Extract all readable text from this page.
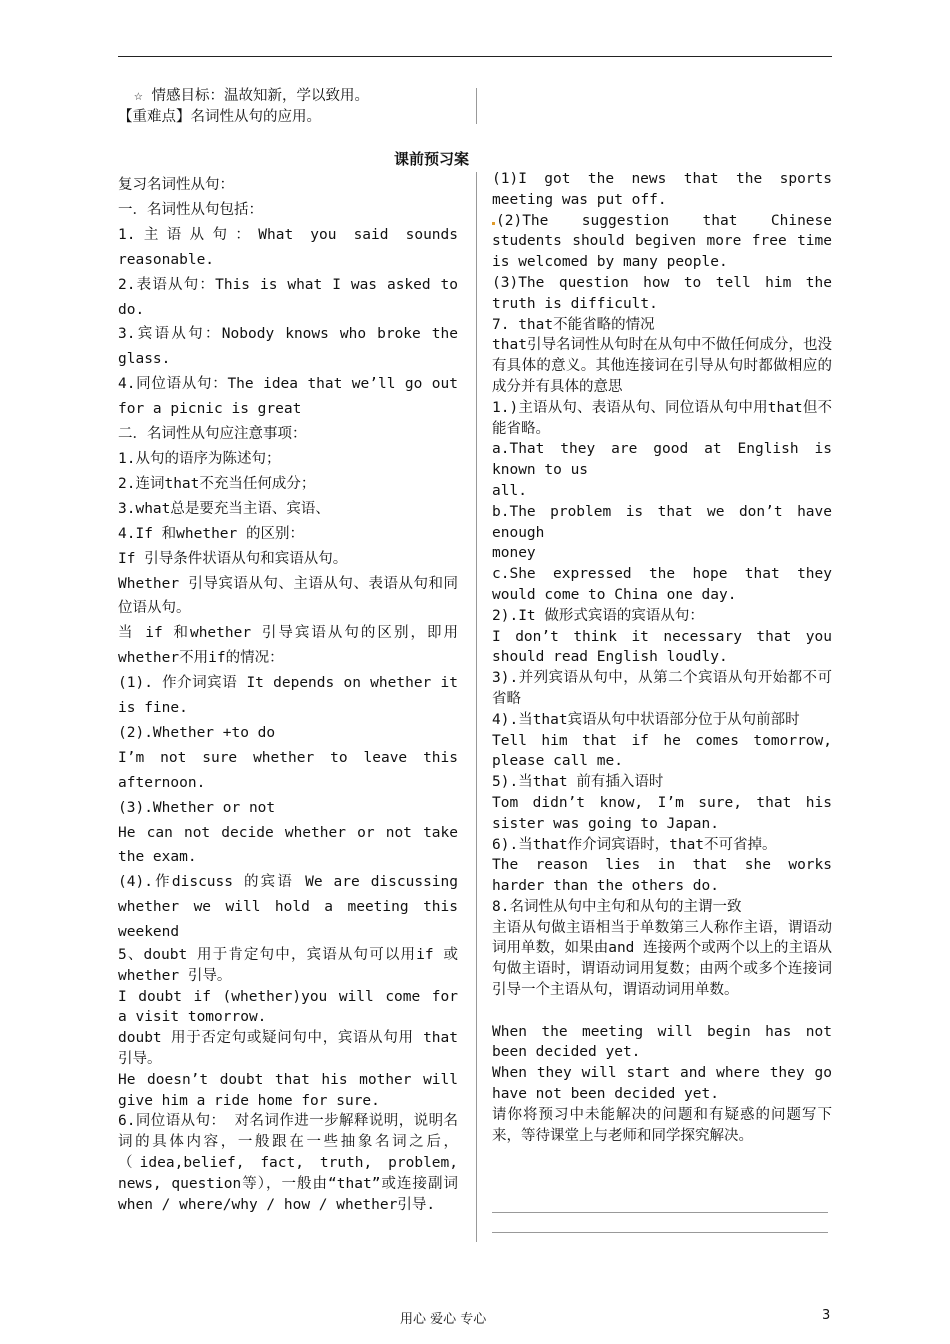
☆ 情感目标：温故知新，学以致用。
【重难点】名词性从句的应用。
课前预习案

复习名词性从句：

一．名词性从句包括：

1.主语从句：What you said sounds reasonable.

2.表语从句：This is what I was asked to do.

3.宾语从句：Nobody knows who broke the glass.

4.同位语从句：The idea that we’ll go out for a picnic is great

二．名词性从句应注意事项：

1.从句的语序为陈述句；

2.连词that不充当任何成分；

3.what总是要充当主语、宾语、

4.If 和whether 的区别：

If 引导条件状语从句和宾语从句。

Whether 引导宾语从句、主语从句、表语从句和同位语从句。

当 if 和whether 引导宾语从句的区别，即用whether不用if的情况：

(1). 作介词宾语 It depends on whether it is fine.

(2).Whether +to do

I’m not sure whether to leave this afternoon.

(3).Whether or not

He can not decide whether or not take the exam.

(4).作discuss 的宾语 We are discussing whether we will hold a meeting this weekend

5、doubt 用于肯定句中，宾语从句可以用if 或whether 引导。

I doubt if (whether)you will come for a visit tomorrow.

doubt 用于否定句或疑问句中，宾语从句用 that 引导。

He doesn’t doubt that his mother will give him a ride home for sure.

6.同位语从句： 对名词作进一步解释说明，说明名词的具体内容，一般跟在一些抽象名词之后，（idea,belief, fact, truth, problem, news, question等），一般由“that”或连接副词 when / where/why / how / whether引导.

(1)I got the news that the sports meeting was put off.

(2)The suggestion that Chinese students should begiven more free time is welcomed by many people.

(3)The question how to tell him the truth is difficult.

7. that不能省略的情况

that引导名词性从句时在从句中不做任何成分，也没有具体的意义。其他连接词在引导从句时都做相应的成分并有具体的意思

1.)主语从句、表语从句、同位语从句中用that但不能省略。

a.That they are good at English is known to us

all.

b.The problem is that we don’t have enough

money

c.She expressed the hope that they would come to China one day.

2).It 做形式宾语的宾语从句：

I don’t think it necessary that you should read English loudly.

3).并列宾语从句中，从第二个宾语从句开始都不可省略

4).当that宾语从句中状语部分位于从句前部时

Tell him that if he comes tomorrow, please call me.

5).当that 前有插入语时

Tom didn’t know, I’m sure, that his sister was going to Japan.

6).当that作介词宾语时，that不可省掉。

The reason lies in that she works harder than the others do.

8.名词性从句中主句和从句的主谓一致

主语从句做主语相当于单数第三人称作主语，谓语动词用单数，如果由and 连接两个或两个以上的主语从句做主语时，谓语动词用复数；由两个或多个连接词引导一个主语从句，谓语动词用单数。

When the meeting will begin has not been decided yet.

When they will start and where they go have not been decided yet.

请你将预习中未能解决的问题和有疑惑的问题写下来，等待课堂上与老师和同学探究解决。

用心 爱心 专心	3
